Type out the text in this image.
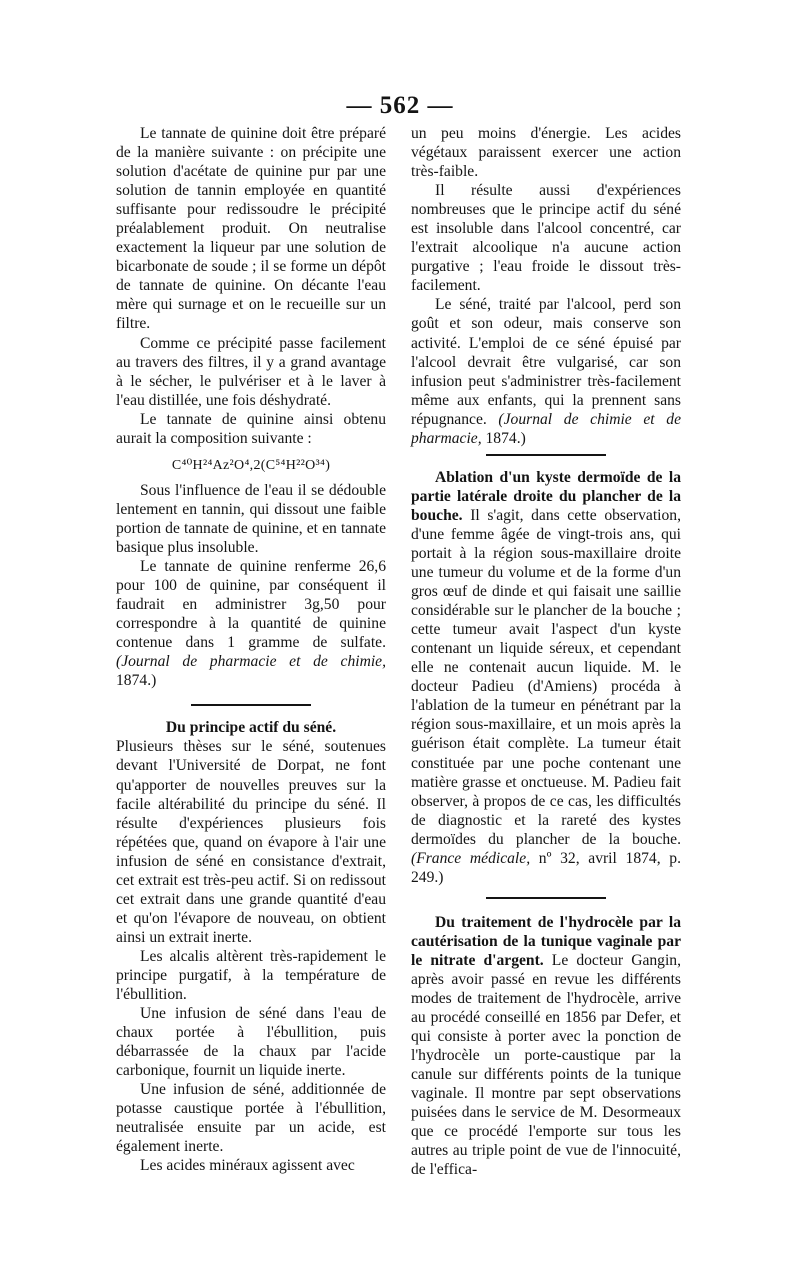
— 562 —

Le tannate de quinine doit être préparé de la manière suivante : on précipite une solution d'acétate de quinine pur par une solution de tannin employée en quantité suffisante pour redissoudre le précipité préalablement produit. On neutralise exactement la liqueur par une solution de bicarbonate de soude ; il se forme un dépôt de tannate de quinine. On décante l'eau mère qui surnage et on le recueille sur un filtre.

Comme ce précipité passe facilement au travers des filtres, il y a grand avantage à le sécher, le pulvériser et à le laver à l'eau distillée, une fois déshydraté.

Le tannate de quinine ainsi obtenu aurait la composition suivante :

C⁴⁰H²⁴Az²O⁴,2(C⁵⁴H²²O³⁴)

Sous l'influence de l'eau il se dédouble lentement en tannin, qui dissout une faible portion de tannate de quinine, et en tannate basique plus insoluble.

Le tannate de quinine renferme 26,6 pour 100 de quinine, par conséquent il faudrait en administrer 3g,50 pour correspondre à la quantité de quinine contenue dans 1 gramme de sulfate. (Journal de pharmacie et de chimie, 1874.)

Du principe actif du séné.

Plusieurs thèses sur le séné, soutenues devant l'Université de Dorpat, ne font qu'apporter de nouvelles preuves sur la facile altérabilité du principe du séné. Il résulte d'expériences plusieurs fois répétées que, quand on évapore à l'air une infusion de séné en consistance d'extrait, cet extrait est très-peu actif. Si on redissout cet extrait dans une grande quantité d'eau et qu'on l'évapore de nouveau, on obtient ainsi un extrait inerte.

Les alcalis altèrent très-rapidement le principe purgatif, à la température de l'ébullition.

Une infusion de séné dans l'eau de chaux portée à l'ébullition, puis débarrassée de la chaux par l'acide carbonique, fournit un liquide inerte.

Une infusion de séné, additionnée de potasse caustique portée à l'ébullition, neutralisée ensuite par un acide, est également inerte.

Les acides minéraux agissent avec

un peu moins d'énergie. Les acides végétaux paraissent exercer une action très-faible.

Il résulte aussi d'expériences nombreuses que le principe actif du séné est insoluble dans l'alcool concentré, car l'extrait alcoolique n'a aucune action purgative ; l'eau froide le dissout très-facilement.

Le séné, traité par l'alcool, perd son goût et son odeur, mais conserve son activité. L'emploi de ce séné épuisé par l'alcool devrait être vulgarisé, car son infusion peut s'administrer très-facilement même aux enfants, qui la prennent sans répugnance. (Journal de chimie et de pharmacie, 1874.)

Ablation d'un kyste dermoïde de la partie latérale droite du plancher de la bouche. Il s'agit, dans cette observation, d'une femme âgée de vingt-trois ans, qui portait à la région sous-maxillaire droite une tumeur du volume et de la forme d'un gros œuf de dinde et qui faisait une saillie considérable sur le plancher de la bouche ; cette tumeur avait l'aspect d'un kyste contenant un liquide séreux, et cependant elle ne contenait aucun liquide. M. le docteur Padieu (d'Amiens) procéda à l'ablation de la tumeur en pénétrant par la région sous-maxillaire, et un mois après la guérison était complète. La tumeur était constituée par une poche contenant une matière grasse et onctueuse. M. Padieu fait observer, à propos de ce cas, les difficultés de diagnostic et la rareté des kystes dermoïdes du plancher de la bouche. (France médicale, nº 32, avril 1874, p. 249.)

Du traitement de l'hydrocèle par la cautérisation de la tunique vaginale par le nitrate d'argent. Le docteur Gangin, après avoir passé en revue les différents modes de traitement de l'hydrocèle, arrive au procédé conseillé en 1856 par Defer, et qui consiste à porter avec la ponction de l'hydrocèle un porte-caustique par la canule sur différents points de la tunique vaginale. Il montre par sept observations puisées dans le service de M. Desormeaux que ce procédé l'emporte sur tous les autres au triple point de vue de l'innocuité, de l'effica-
